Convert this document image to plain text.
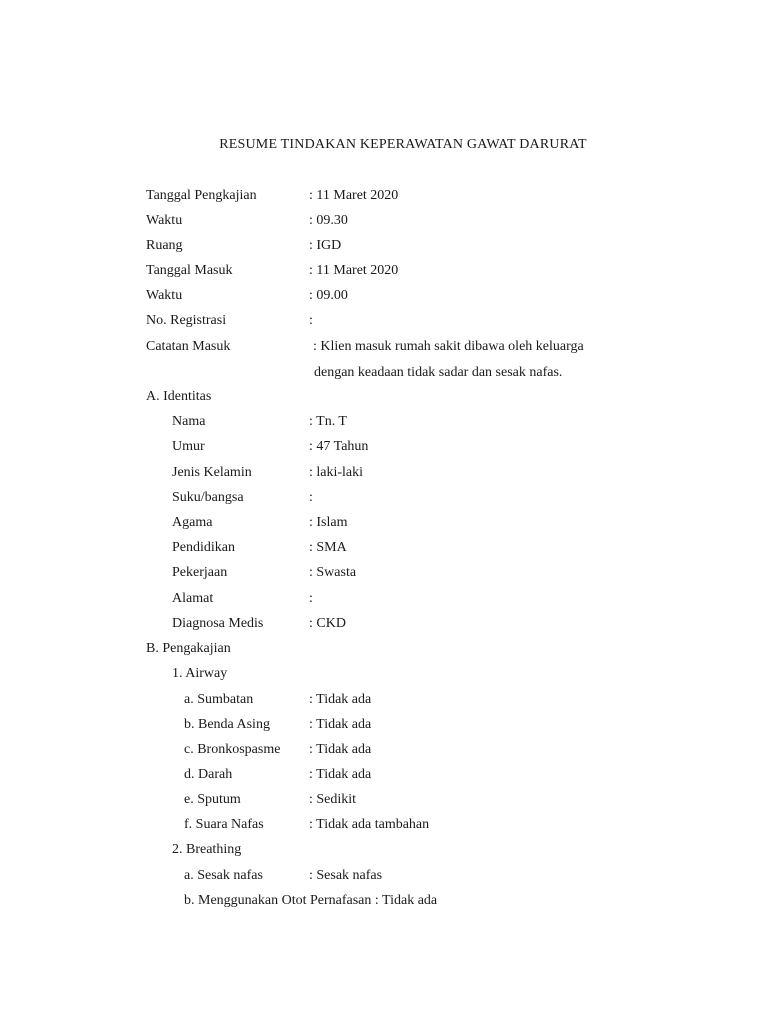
RESUME TINDAKAN KEPERAWATAN GAWAT DARURAT
Tanggal Pengkajian	: 11 Maret 2020
Waktu	: 09.30
Ruang	: IGD
Tanggal Masuk	: 11 Maret 2020
Waktu	: 09.00
No. Registrasi	:
Catatan Masuk	: Klien masuk rumah sakit dibawa oleh keluarga
dengan keadaan tidak sadar dan sesak nafas.
A. Identitas
Nama	: Tn. T
Umur	: 47 Tahun
Jenis Kelamin	: laki-laki
Suku/bangsa	:
Agama	: Islam
Pendidikan	: SMA
Pekerjaan	: Swasta
Alamat	:
Diagnosa Medis	: CKD
B. Pengakajian
1. Airway
a. Sumbatan	: Tidak ada
b. Benda Asing	: Tidak ada
c. Bronkospasme : Tidak ada
d. Darah	: Tidak ada
e. Sputum	: Sedikit
f. Suara Nafas	: Tidak ada tambahan
2. Breathing
a. Sesak nafas	: Sesak nafas
b. Menggunakan Otot Pernafasan : Tidak ada
